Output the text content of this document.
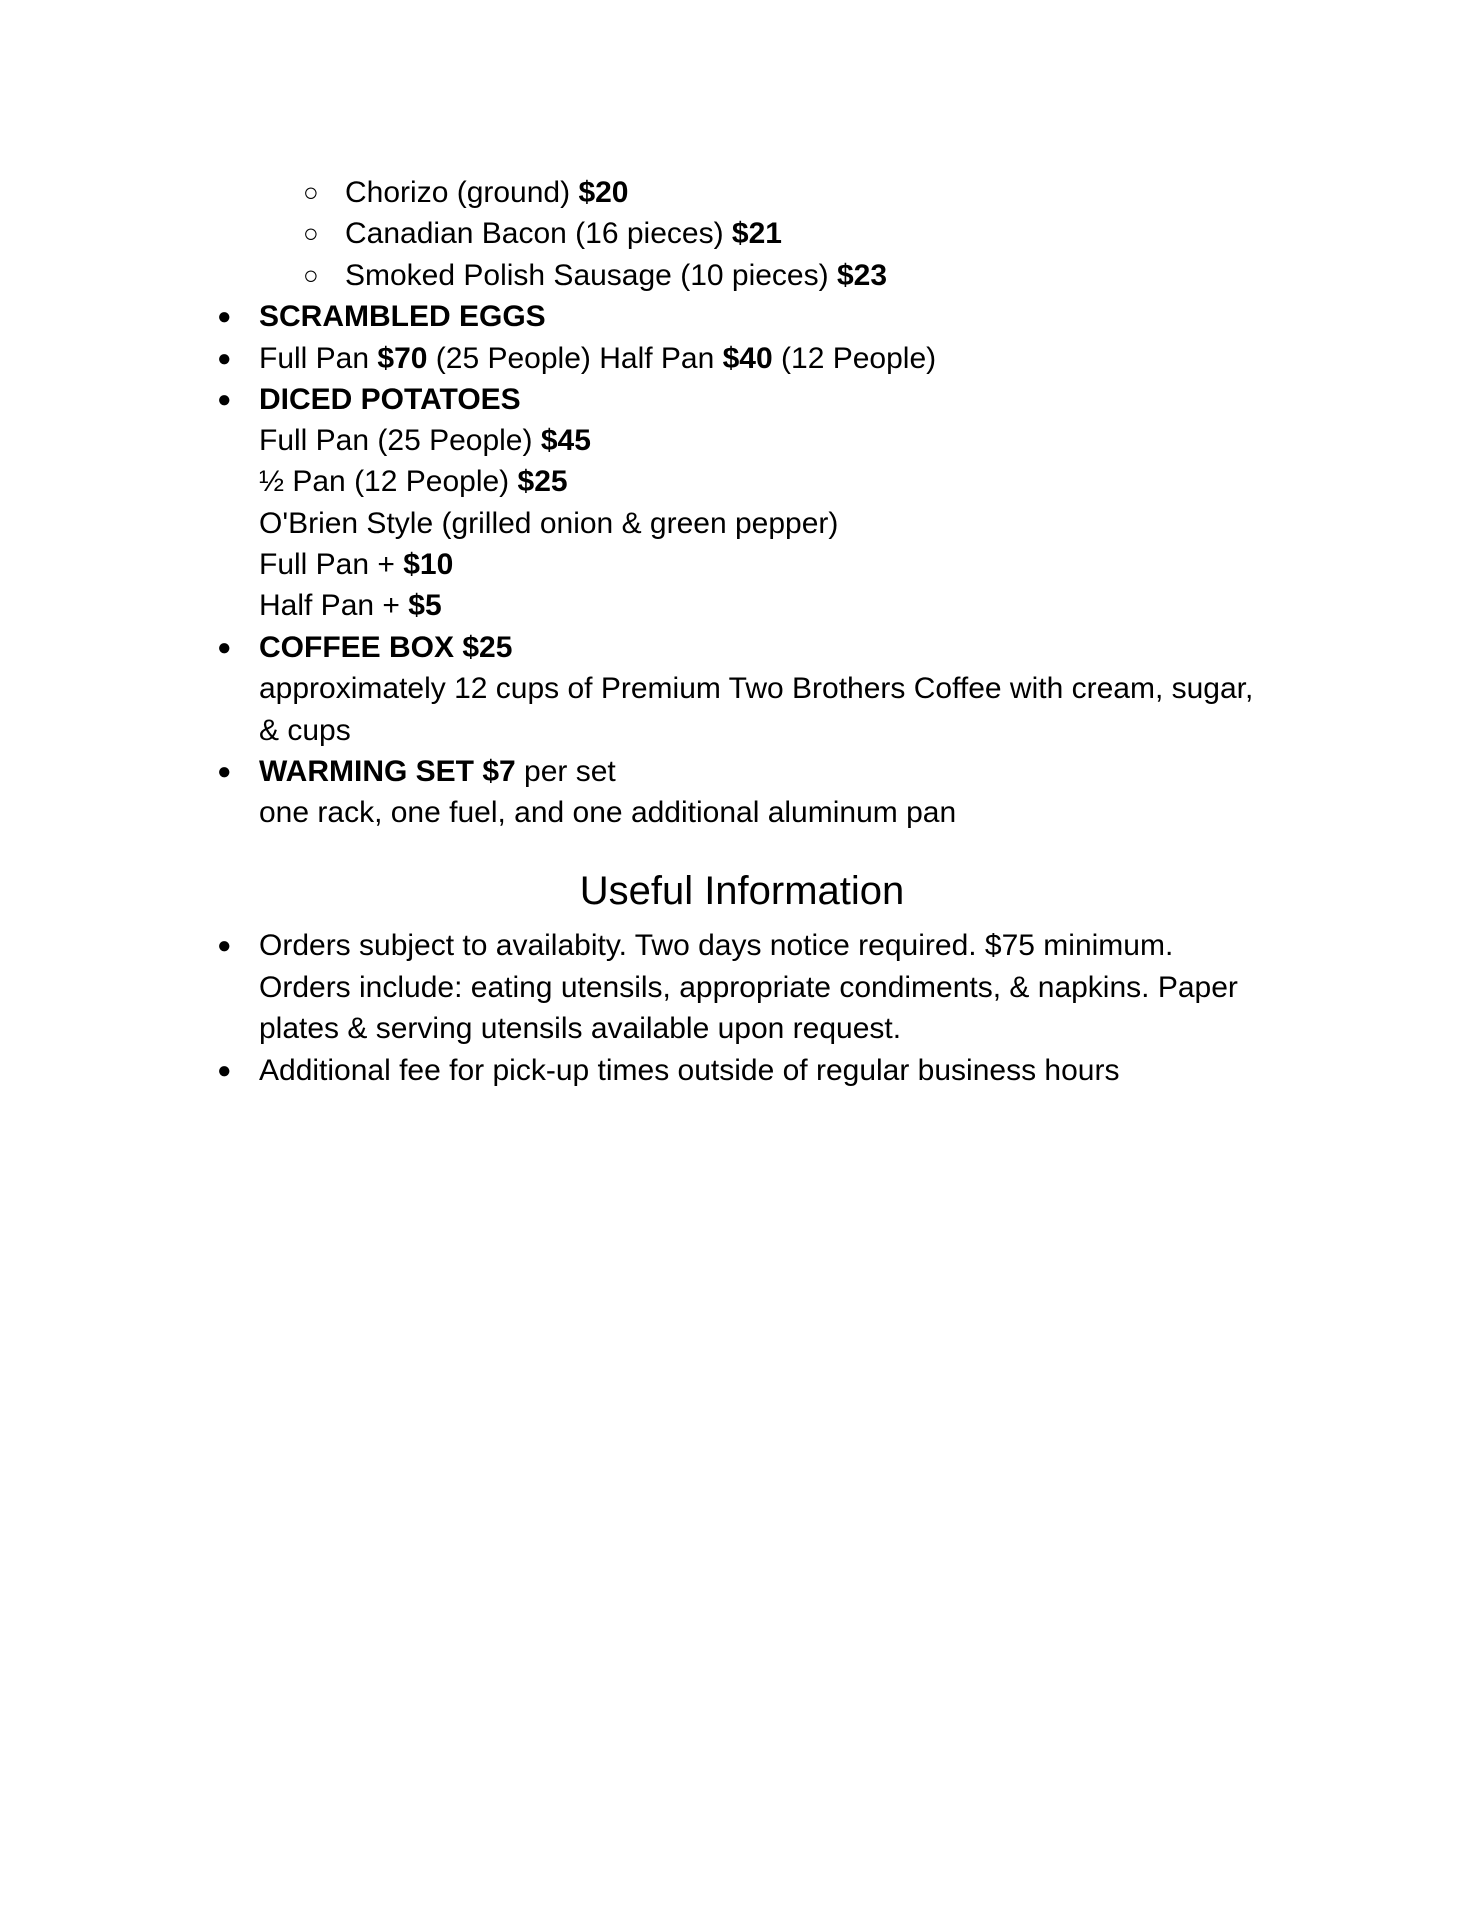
○ Chorizo (ground) $20
○ Canadian Bacon (16 pieces) $21
○ Smoked Polish Sausage (10 pieces) $23
● SCRAMBLED EGGS
● Full Pan $70 (25 People) Half Pan $40 (12 People)
● DICED POTATOES
Full Pan (25 People) $45
½ Pan (12 People) $25
O'Brien Style (grilled onion & green pepper)
Full Pan + $10
Half Pan + $5
● COFFEE BOX $25
approximately 12 cups of Premium Two Brothers Coffee with cream, sugar,
& cups
● WARMING SET $7 per set
one rack, one fuel, and one additional aluminum pan
Useful Information
● Orders subject to availabity. Two days notice required. $75 minimum.
Orders include: eating utensils, appropriate condiments, & napkins. Paper
plates & serving utensils available upon request.
● Additional fee for pick-up times outside of regular business hours
